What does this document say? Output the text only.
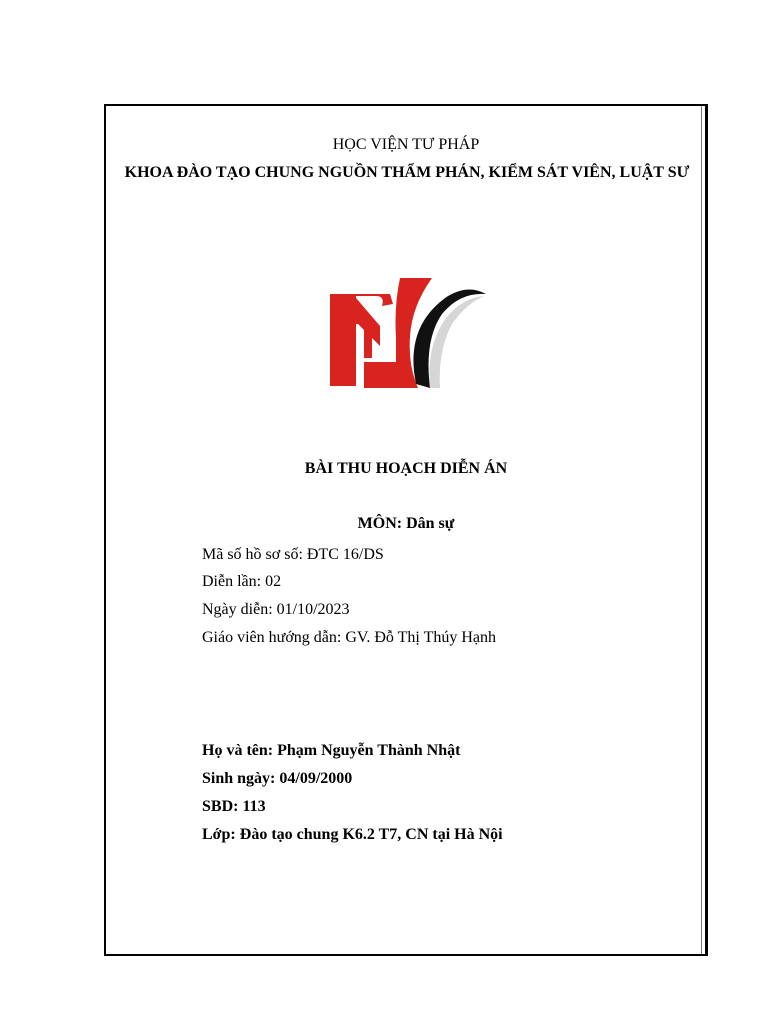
HỌC VIỆN TƯ PHÁP
KHOA ĐÀO TẠO CHUNG NGUỒN THẨM PHÁN, KIỂM SÁT VIÊN, LUẬT SƯ
BÀI THU HOẠCH DIỄN ÁN
MÔN: Dân sự
Mã số hồ sơ số: ĐTC 16/DS
Diễn lần: 02
Ngày diễn: 01/10/2023
Giáo viên hướng dẫn: GV. Đỗ Thị Thúy Hạnh
Họ và tên: Phạm Nguyễn Thành Nhật
Sinh ngày: 04/09/2000
SBD: 113
Lớp: Đào tạo chung K6.2 T7, CN tại Hà Nội
